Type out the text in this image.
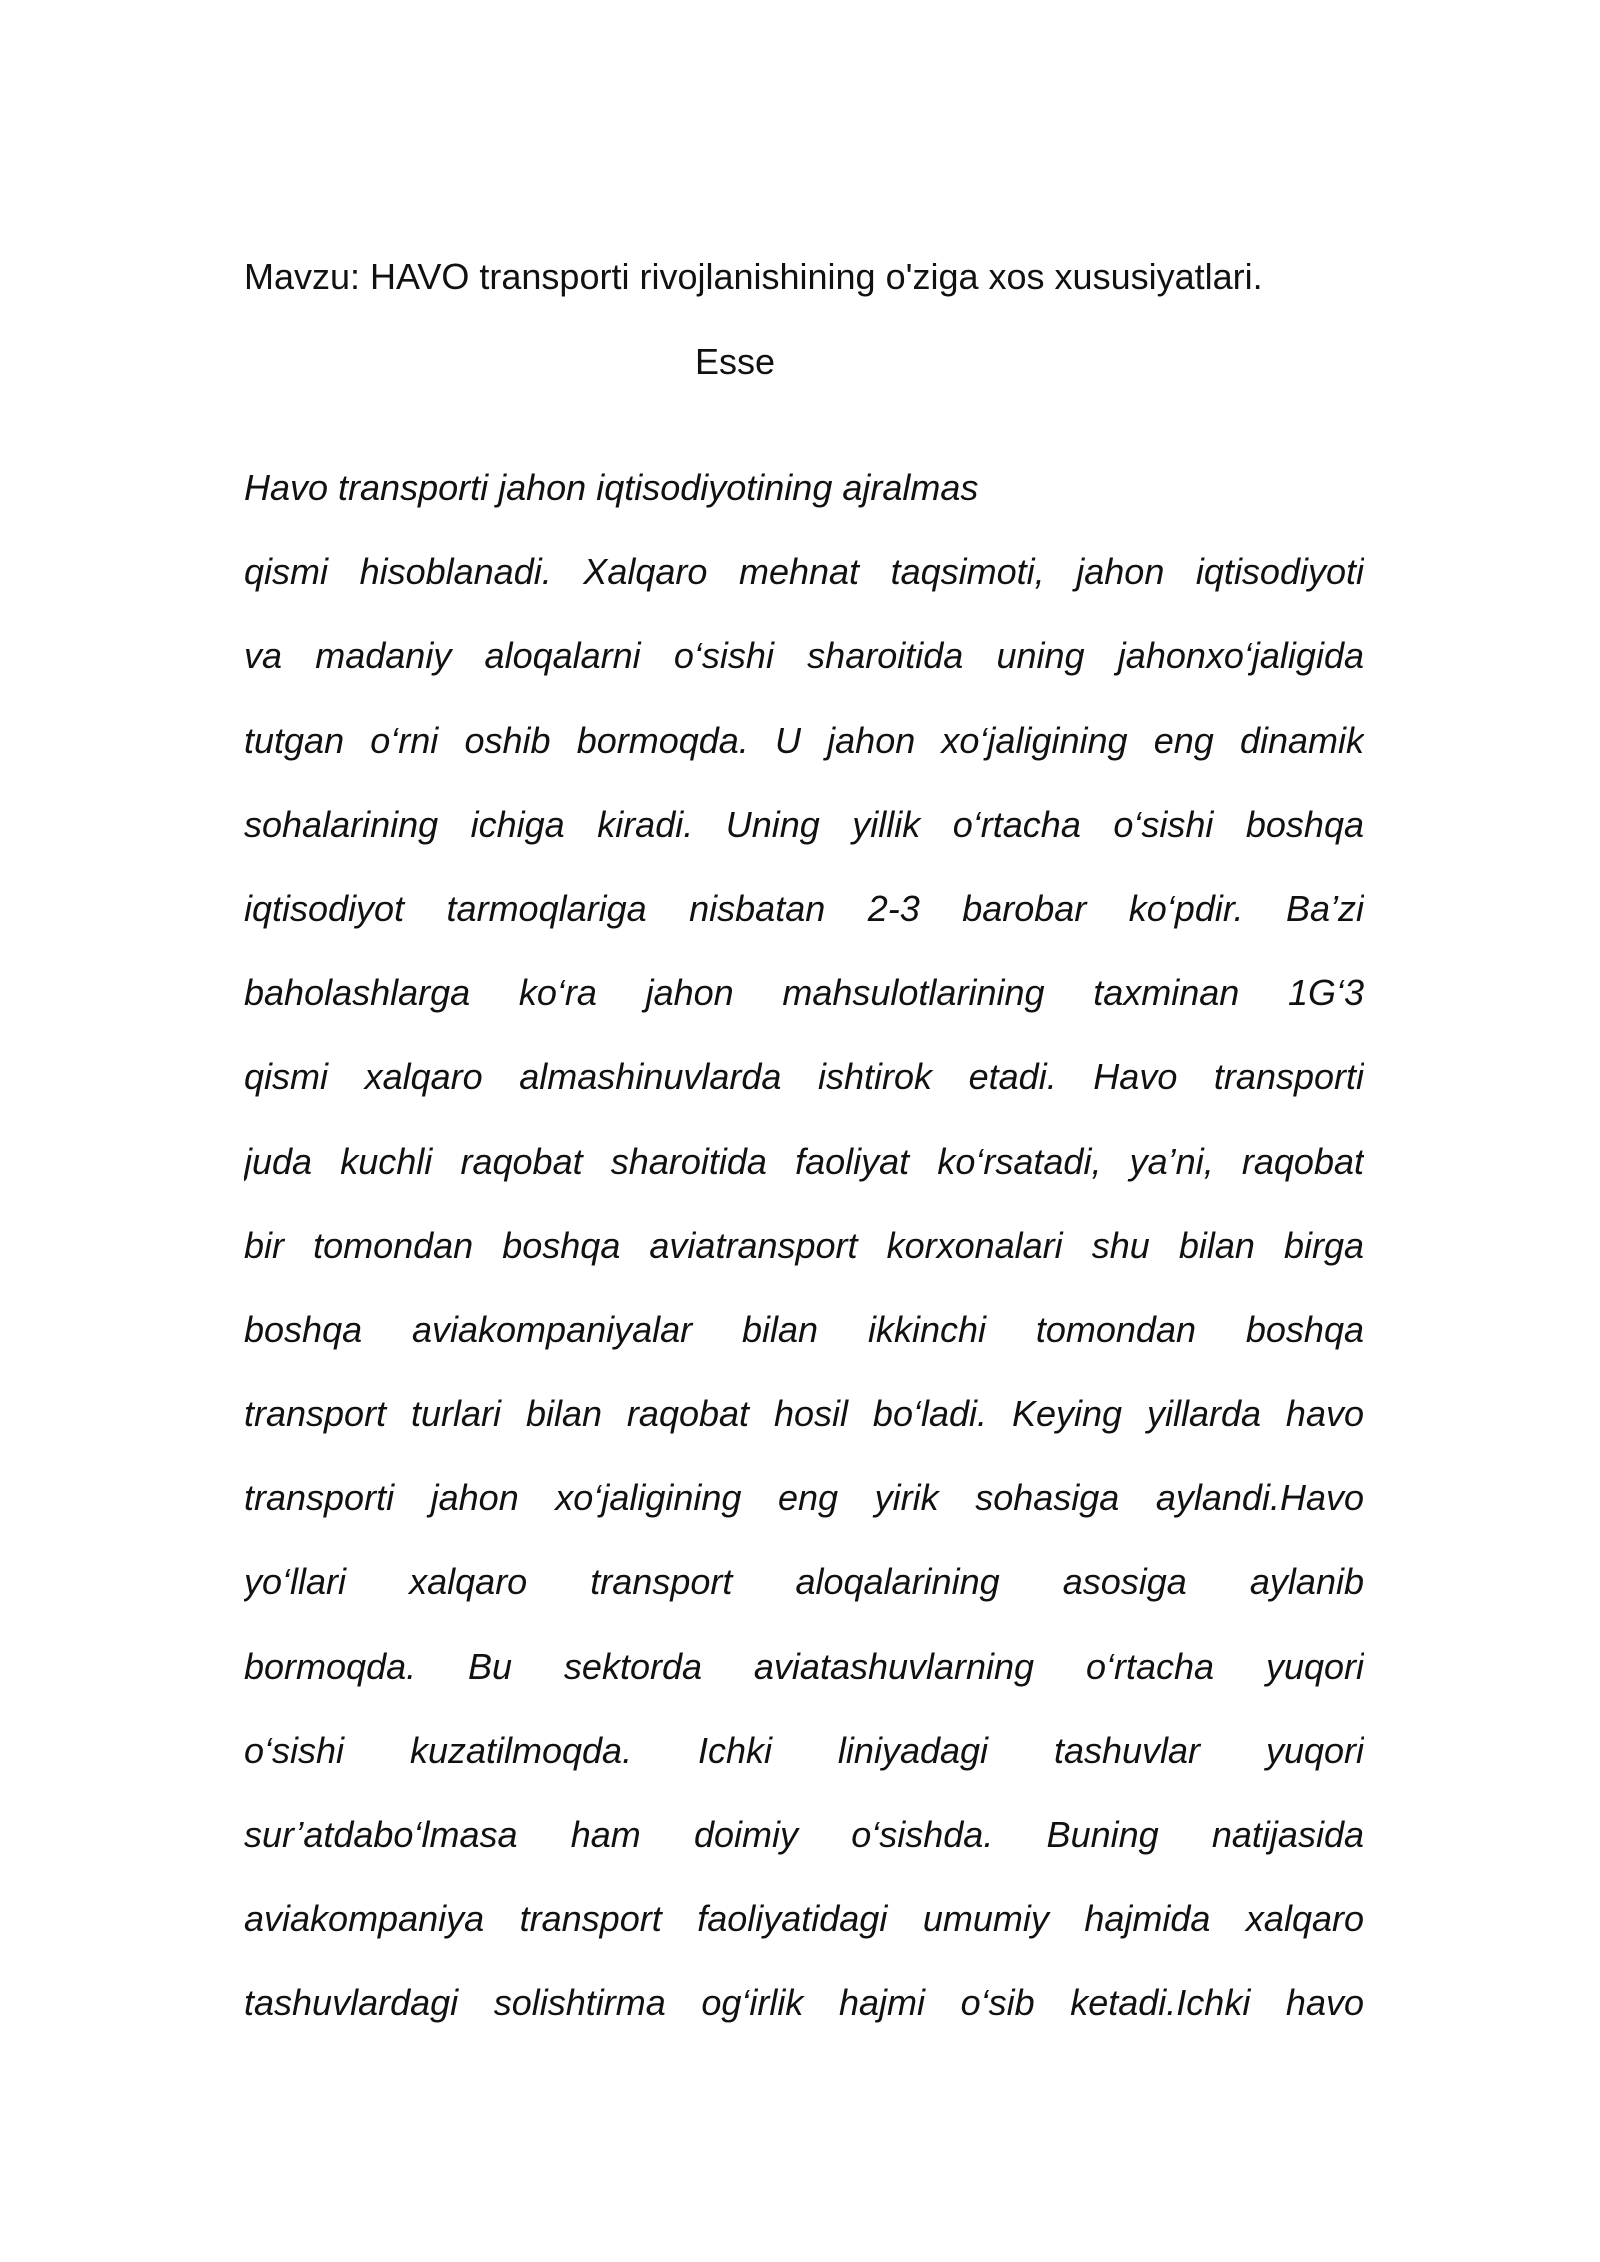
Mavzu: HAVO transporti rivojlanishining o'ziga xos xususiyatlari.
Esse
Havo transporti jahon iqtisodiyotining ajralmas
qismi hisoblanadi. Xalqaro mehnat taqsimoti, jahon iqtisodiyoti
va madaniy aloqalarni o‘sishi sharoitida uning jahonxo‘jaligida
tutgan o‘rni oshib bormoqda. U jahon xo‘jaligining eng dinamik
sohalarining ichiga kiradi. Uning yillik o‘rtacha o‘sishi boshqa
iqtisodiyot tarmoqlariga nisbatan 2-3 barobar ko‘pdir. Ba’zi
baholashlarga ko‘ra jahon mahsulotlarining taxminan 1G‘3
qismi xalqaro almashinuvlarda ishtirok etadi. Havo transporti
juda kuchli raqobat sharoitida faoliyat ko‘rsatadi, ya’ni, raqobat
bir tomondan boshqa aviatransport korxonalari shu bilan birga
boshqa aviakompaniyalar bilan ikkinchi tomondan boshqa
transport turlari bilan raqobat hosil bo‘ladi. Keying yillarda havo
transporti jahon xo‘jaligining eng yirik sohasiga aylandi.Havo
yo‘llari xalqaro transport aloqalarining asosiga aylanib
bormoqda. Bu sektorda aviatashuvlarning o‘rtacha yuqori
o‘sishi kuzatilmoqda. Ichki liniyadagi tashuvlar yuqori
sur’atdabo‘lmasa ham doimiy o‘sishda. Buning natijasida
aviakompaniya transport faoliyatidagi umumiy hajmida xalqaro
tashuvlardagi solishtirma og‘irlik hajmi o‘sib ketadi.Ichki havo
